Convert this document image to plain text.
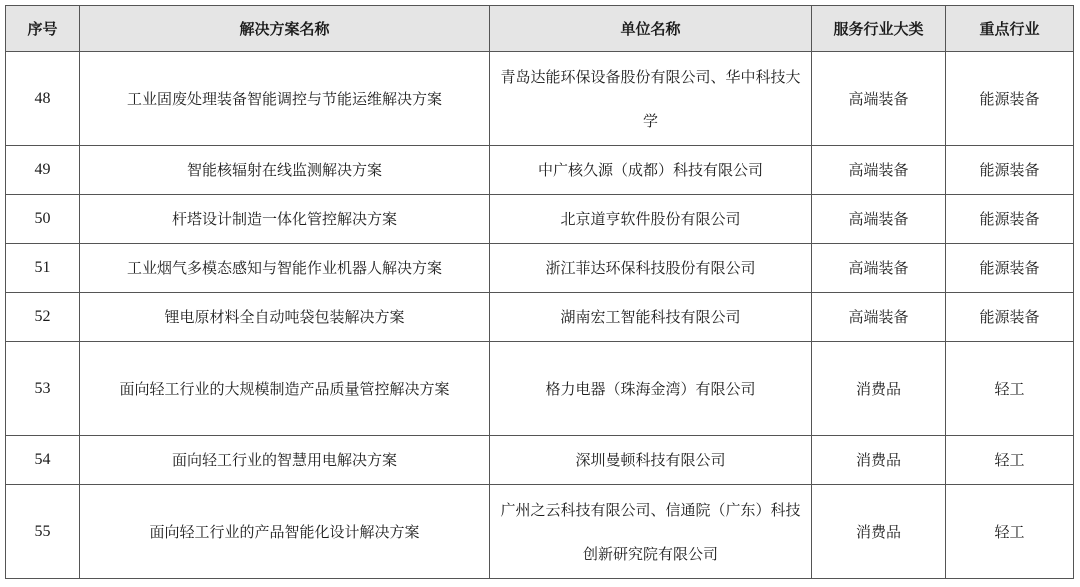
序号	解决方案名称	单位名称	服务行业大类	重点行业
48	工业固废处理装备智能调控与节能运维解决方案	青岛达能环保设备股份有限公司、华中科技大学	高端装备	能源装备
49	智能核辐射在线监测解决方案	中广核久源（成都）科技有限公司	高端装备	能源装备
50	杆塔设计制造一体化管控解决方案	北京道亨软件股份有限公司	高端装备	能源装备
51	工业烟气多模态感知与智能作业机器人解决方案	浙江菲达环保科技股份有限公司	高端装备	能源装备
52	锂电原材料全自动吨袋包装解决方案	湖南宏工智能科技有限公司	高端装备	能源装备
53	面向轻工行业的大规模制造产品质量管控解决方案	格力电器（珠海金湾）有限公司	消费品	轻工
54	面向轻工行业的智慧用电解决方案	深圳曼顿科技有限公司	消费品	轻工
55	面向轻工行业的产品智能化设计解决方案	广州之云科技有限公司、信通院（广东）科技创新研究院有限公司	消费品	轻工
